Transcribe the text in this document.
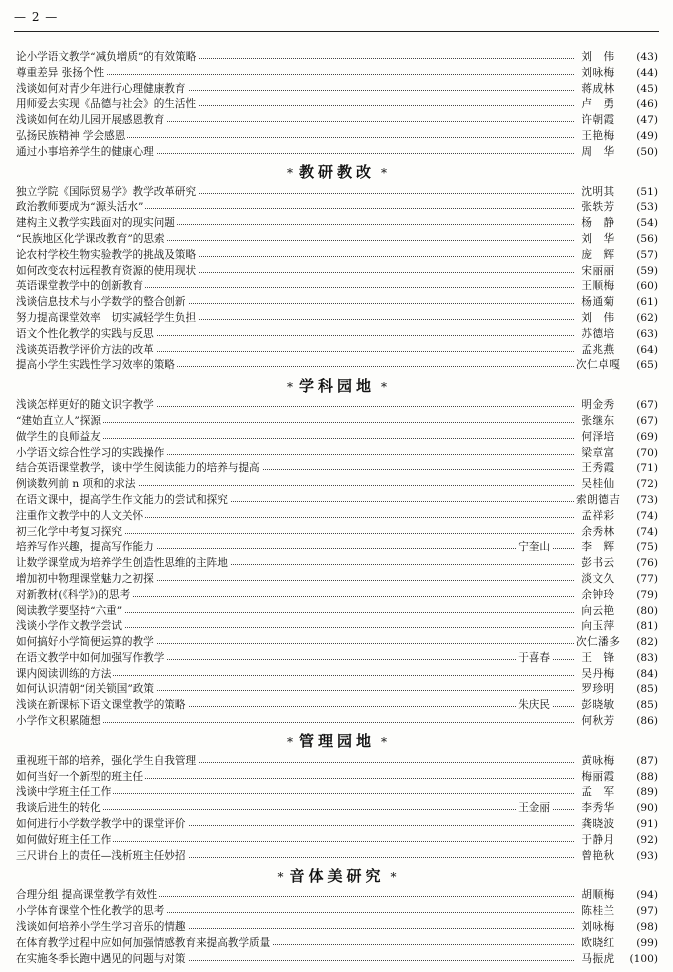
— 2 —
论小学语文教学“减负增质”的有效策略	刘　伟	(43)
尊重差异 张扬个性	刘咏梅	(44)
浅谈如何对青少年进行心理健康教育	蒋成林	(45)
用师爱去实现《品德与社会》的生活性	卢　勇	(46)
浅谈如何在幼儿园开展感恩教育	许朝霞	(47)
弘扬民族精神 学会感恩	王艳梅	(49)
通过小事培养学生的健康心理	周　华	(50)
* 教研教改 *
独立学院《国际贸易学》教学改革研究	沈明其	(51)
政治教师要成为“源头活水”	张轶芳	(53)
建构主义教学实践面对的现实问题	杨　静	(54)
“民族地区化学课改教育”的思索	刘　华	(56)
论农村学校生物实验教学的挑战及策略	庞　辉	(57)
如何改变农村远程教育资源的使用现状	宋丽丽	(59)
英语课堂教学中的创新教育	王顺梅	(60)
浅谈信息技术与小学数学的整合创新	杨通菊	(61)
努力提高课堂效率　切实减轻学生负担	刘　伟	(62)
语文个性化教学的实践与反思	苏德培	(63)
浅谈英语教学评价方法的改革	孟兆燕	(64)
提高小学生实践性学习效率的策略	次仁卓嘎	(65)
* 学科园地 *
浅谈怎样更好的随文识字教学	明金秀	(67)
“建始直立人”探源	张继东	(67)
做学生的良师益友	何泽培	(69)
小学语文综合性学习的实践操作	梁章富	(70)
结合英语课堂教学，谈中学生阅读能力的培养与提高	王秀霞	(71)
例谈数列前 n 项和的求法	吴桂仙	(72)
在语文课中，提高学生作文能力的尝试和探究	索朗德吉	(73)
注重作文教学中的人文关怀	孟祥彩	(74)
初三化学中考复习探究	余秀林	(74)
培养写作兴趣，提高写作能力	宁奎山	李　辉	(75)
让数学课堂成为培养学生创造性思维的主阵地	彭书云	(76)
增加初中物理课堂魅力之初探	淡文久	(77)
对新教材(《科学》)的思考	余钟玲	(79)
阅读教学要坚持“六重”	向云艳	(80)
浅谈小学作文教学尝试	向玉萍	(81)
如何搞好小学简便运算的教学	次仁潘多	(82)
在语文教学中如何加强写作教学	于喜春	王　锋	(83)
课内阅读训练的方法	吴丹梅	(84)
如何认识清朝“闭关锁国”政策	罗珍明	(85)
浅谈在新课标下语文课堂教学的策略	朱庆民	彭晓敏	(85)
小学作文积累随想	何秋芳	(86)
* 管理园地 *
重视班干部的培养，强化学生自我管理	黄咏梅	(87)
如何当好一个新型的班主任	梅丽霞	(88)
浅谈中学班主任工作	孟　军	(89)
我谈后进生的转化	王金丽	李秀华	(90)
如何进行小学数学教学中的课堂评价	龚晓波	(91)
如何做好班主任工作	于静月	(92)
三尺讲台上的责任—浅析班主任妙招	曾艳秋	(93)
* 音体美研究 *
合理分组 提高课堂教学有效性	胡顺梅	(94)
小学体育课堂个性化教学的思考	陈桂兰	(97)
浅谈如何培养小学生学习音乐的情趣	刘咏梅	(98)
在体育教学过程中应如何加强情感教育来提高教学质量	欧晓红	(99)
在实施冬季长跑中遇见的问题与对策	马振虎	(100)
